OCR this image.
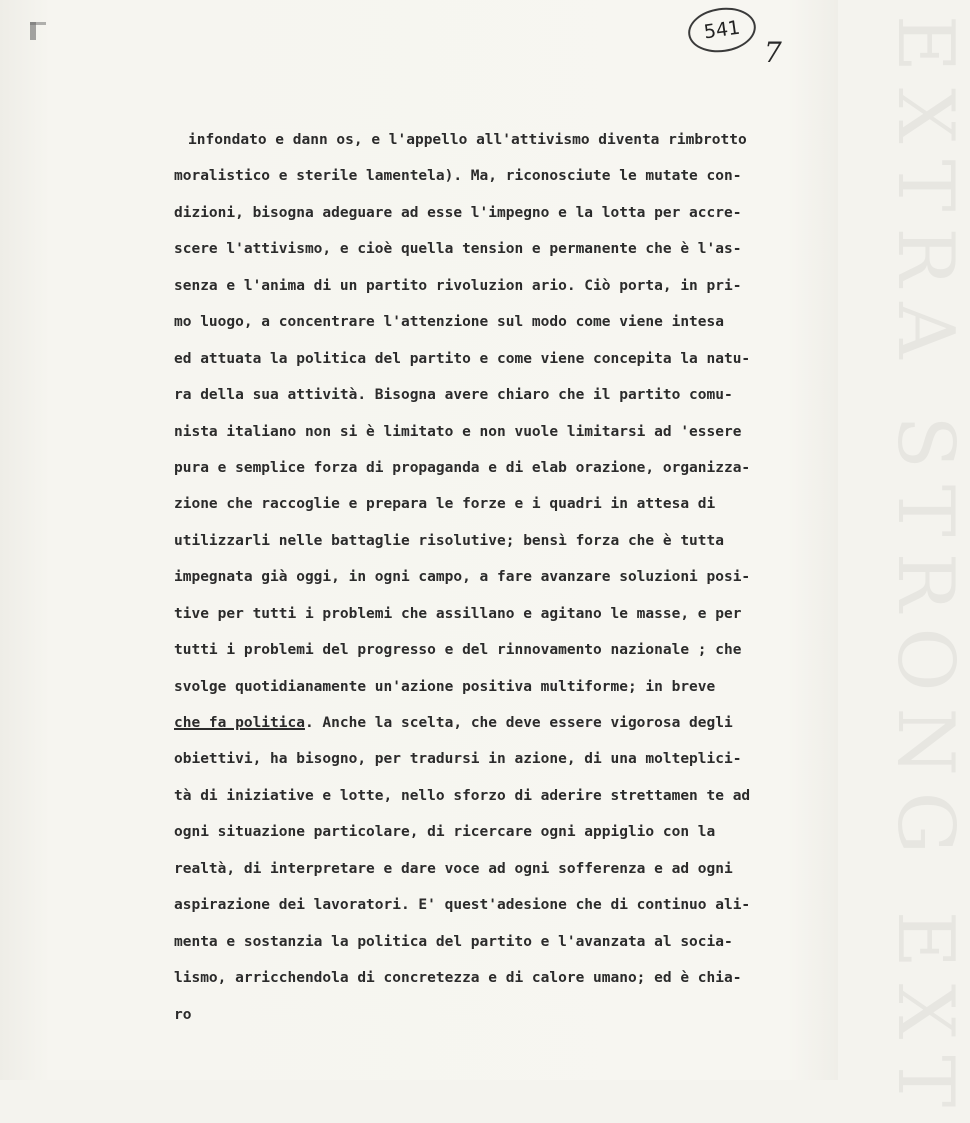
EXTRA STRONG EXT
541
7
infondato e dann os, e l'appello all'attivismo diventa rimbrotto
moralistico e sterile lamentela). Ma, riconosciute le mutate con-
dizioni, bisogna adeguare ad esse l'impegno e la lotta per accre-
scere l'attivismo, e cioè quella tension e permanente che è l'as-
senza e l'anima di un partito rivoluzion ario. Ciò porta, in pri-
mo luogo, a concentrare l'attenzione sul modo come viene intesa
ed attuata la politica del partito e come viene concepita la natu-
ra della sua attività. Bisogna avere chiaro che il partito comu-
nista italiano non si è limitato e non vuole limitarsi ad 'essere
pura e semplice forza di propaganda e di elab orazione, organizza-
zione che raccoglie e prepara le forze e i quadri in attesa di
utilizzarli nelle battaglie risolutive; bensì forza che è tutta
impegnata già oggi, in ogni campo, a fare avanzare soluzioni posi-
tive per tutti i problemi che assillano e agitano le masse, e per
tutti i problemi del progresso e del rinnovamento nazionale ; che
svolge quotidianamente un'azione positiva multiforme; in breve
che fa politica. Anche la scelta, che deve essere vigorosa degli
obiettivi, ha bisogno, per tradursi in azione, di una molteplici-
tà di iniziative e lotte, nello sforzo di aderire strettamen te ad
ogni situazione particolare, di ricercare ogni appiglio con la
realtà, di interpretare e dare voce ad ogni sofferenza e ad ogni
aspirazione dei lavoratori. E' quest'adesione che di continuo ali-
menta e sostanzia la politica del partito e l'avanzata al socia-
lismo, arricchendola di concretezza e di calore umano; ed è chia-
ro
